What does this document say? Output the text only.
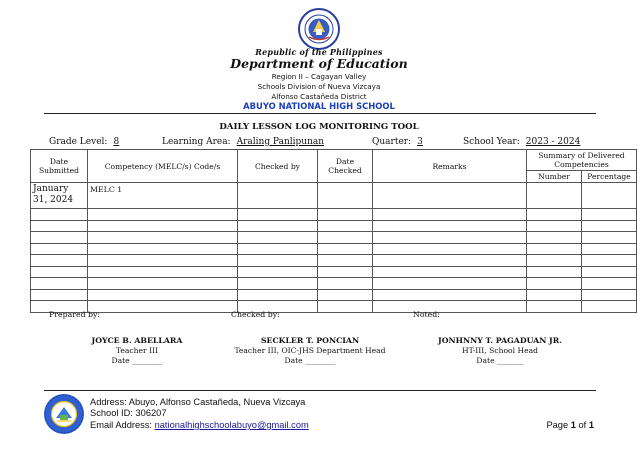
Republic of the Philippines
Department of Education
Region II – Cagayan Valley
Schools Division of Nueva Vizcaya
Alfonso Castañeda District
ABUYO NATIONAL HIGH SCHOOL
DAILY LESSON LOG MONITORING TOOL
Grade Level: 8	Learning Area: Araling Panlipunan	Quarter: 3	School Year: 2023 - 2024
Date Submitted	Competency (MELC/s) Code/s	Checked by	Date Checked	Remarks	Summary of Delivered Competencies	
					Number	Percentage
January 31, 2024	MELC 1					

Prepared by:	Checked by:	Noted:
JOYCE B. ABELLARA
Teacher III
Date ________
SECKLER T. PONCIAN
Teacher III, OIC-JHS Department Head
Date ________
JONHNNY T. PAGADUAN JR.
HT-III, School Head
Date _______
Address: Abuyo, Alfonso Castañeda, Nueva Vizcaya
School ID: 306207
Email Address: nationalhighschoolabuyo@gmail.com	Page 1 of 1
